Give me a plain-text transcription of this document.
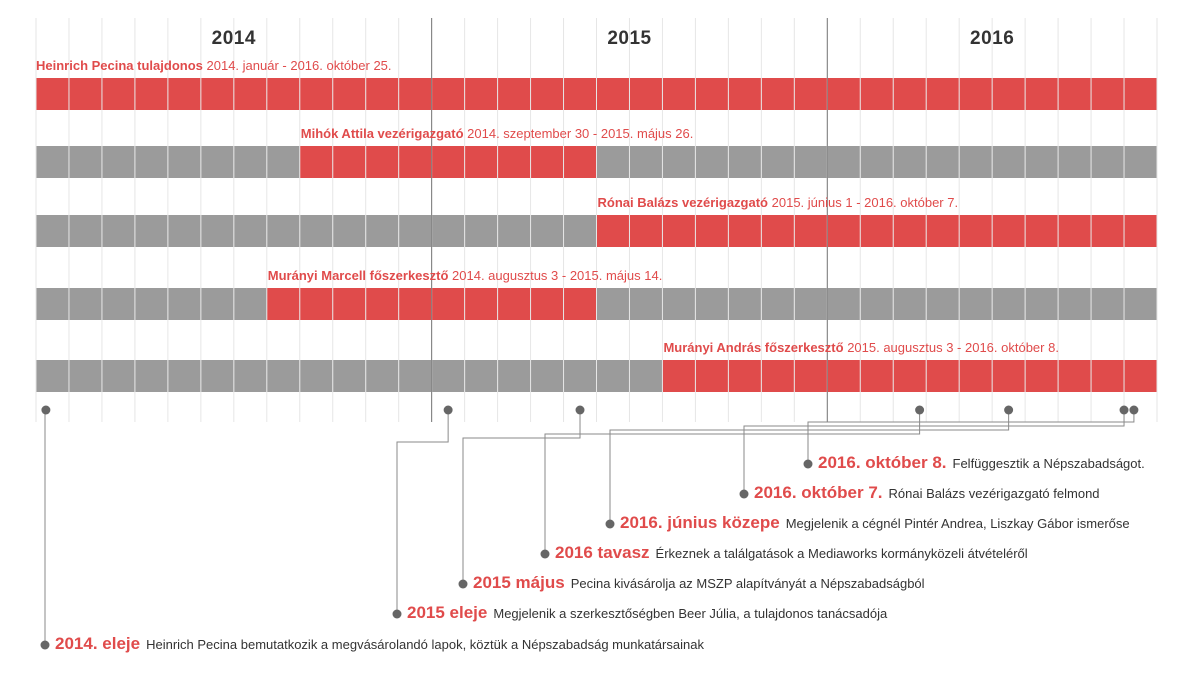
2014	2015	2016
Heinrich Pecina tulajdonos 2014. január - 2016. október 25.
Mihók Attila vezérigazgató 2014. szeptember 30 - 2015. május 26.
Rónai Balázs vezérigazgató 2015. június 1 - 2016. október 7.
Murányi Marcell főszerkesztő 2014. augusztus 3 - 2015. május 14.
Murányi András főszerkesztő 2015. augusztus 3 - 2016. október 8.
2016. október 8. Felfüggesztik a Népszabadságot.
2016. október 7. Rónai Balázs vezérigazgató felmond
2016. június közepe Megjelenik a cégnél Pintér Andrea, Liszkay Gábor ismerőse
2016 tavasz Érkeznek a találgatások a Mediaworks kormányközeli átvételéről
2015 május Pecina kivásárolja az MSZP alapítványát a Népszabadságból
2015 eleje Megjelenik a szerkesztőségben Beer Júlia, a tulajdonos tanácsadója
2014. eleje Heinrich Pecina bemutatkozik a megvásárolandó lapok, köztük a Népszabadság munkatársainak
